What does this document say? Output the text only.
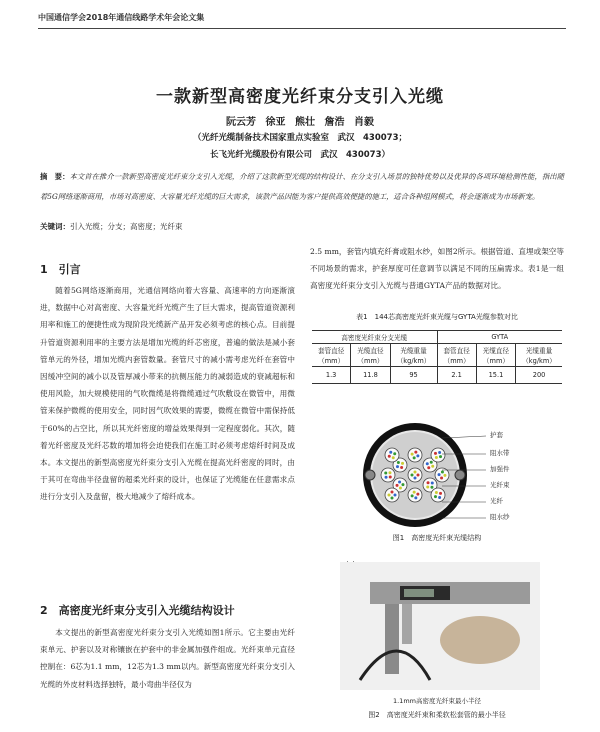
中国通信学会2018年通信线路学术年会论文集
一款新型高密度光纤束分支引入光缆
阮云芳 徐亚 熊壮 詹浩 肖毅
（光纤光缆制备技术国家重点实验室　武汉　430073；
长飞光纤光缆股份有限公司　武汉　430073）
摘　要：本文首在推介一款新型高密度光纤束分支引入光缆，介绍了这款新型光缆的结构设计、在分支引入场景的独特优势以及优异的各项环境检测性能，指出随着5G网络逐渐商用，市场对高密度、大容量光纤光缆的巨大需求，该款产品因能为客户提供高效便捷的施工，适合各种组网模式，将会逐渐成为市场新宠。
关键词：引入光缆；分支；高密度；光纤束
1　引言

随着5G网络逐渐商用，光通信网络向着大容量、高速率的方向逐渐演进，数据中心对高密度、大容量光纤光缆产生了巨大需求，提高管道资源利用率和施工的便捷性成为现阶段光缆新产品开发必须考虑的核心点。目前提升管道资源利用率的主要方法是增加光缆的纤芯密度，普遍的做法是减小套管单元的外径，增加光缆内套管数量。套管尺寸的减小需考虑光纤在套管中因缓冲空间的减小以及管厚减小带来的抗侧压能力的减弱造成的衰减超标和使用风险，加大规模使用的气吹微缆是将微缆通过气吹敷设在微管中，用微管来保护微缆的使用安全，同时因气吹效果的需要，微缆在微管中需保持低于60%的占空比，所以其光纤密度的增益效果得到一定程度弱化。其次，随着光纤密度及光纤芯数的增加将会迫使我们在施工时必须考虑熔纤时间及成本。本文提出的新型高密度光纤束分支引入光缆在提高光纤密度的同时，由于其可在弯曲半径盘留的超柔光纤束的设计，也保证了光缆能在任意需求点进行分支引入及盘留，极大地减少了熔纤成本。

2　高密度光纤束分支引入光缆结构设计

本文提出的新型高密度光纤束分支引入光缆如图1所示。它主要由光纤束单元、护套以及对称镶嵌在护套中的非金属加强件组成。光纤束单元直径控制在：6芯为1.1 mm，12芯为1.3 mm以内。新型高密度光纤束分支引入光缆的外皮材料选择独特，最小弯曲半径仅为

2.5 mm，套管内填充纤膏或阻水纱，如图2所示。根据管道、直埋或架空等不同场景的需求，护套厚度可任意调节以满足不同的压扁需求。表1是一组高密度光纤束分支引入光缆与普通GYTA产品的数据对比。

表1　144芯高密度光纤束光缆与GYTA光缆参数对比
高密度光纤束分支光缆			GYTA		
套管直径（mm）	光缆直径（mm）	光缆重量（kg/km）	套管直径（mm）	光缆直径（mm）	光缆重量（kg/km）
1.3	11.8	95	2.1	15.1	200
护套
阻水带
加强件
光纤束
光纤
阻水纱
图1　高密度光纤束光缆结构
1.1mm高密度光纤束最小半径
图2　高密度光纤束和柔软松套管的最小半径
